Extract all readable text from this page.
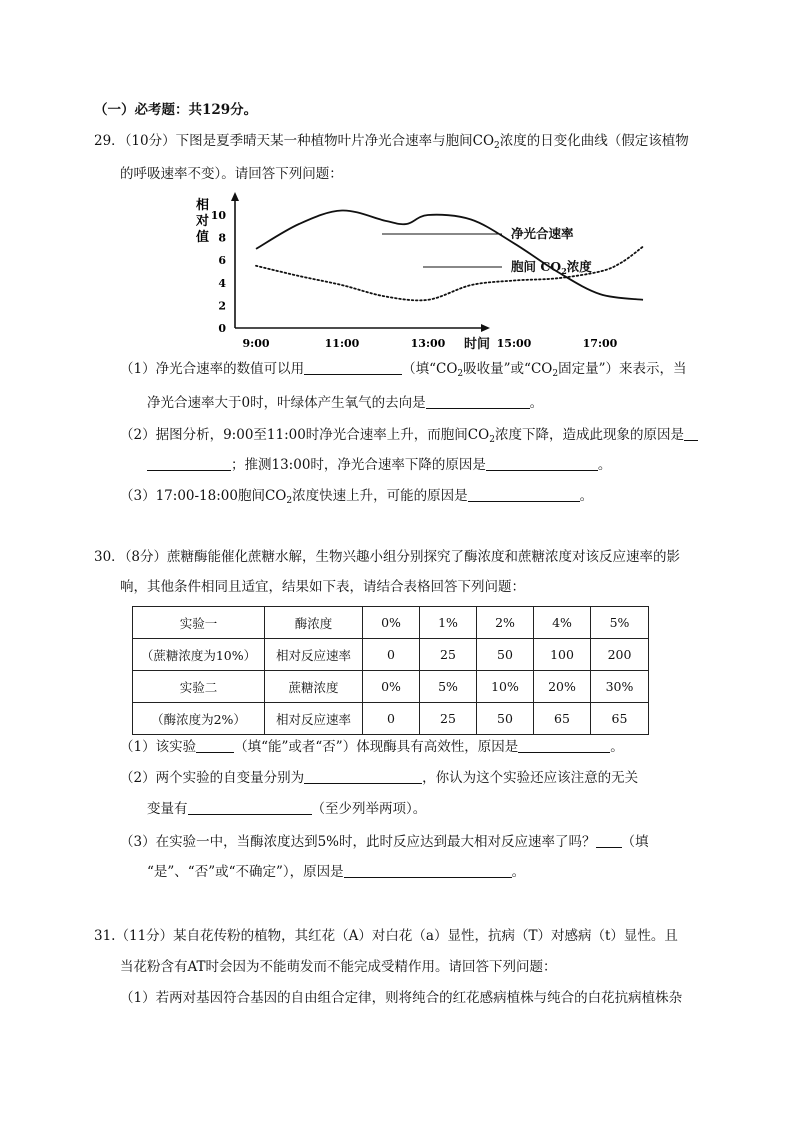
（一）必考题：共129分。
29．（10分）下图是夏季晴天某一种植物叶片净光合速率与胞间$CO_2$浓度的日变化曲线（假定该植物
的呼吸速率不变）。请回答下列问题：
相
对
值
时间
0
2
4
6
8
10
9:00	11:00	13:00	15:00	17:00
净光合速率
胞间 $CO_2$浓度
（1）净光合速率的数值可以用	（填“$CO_2$吸收量”或“$CO_2$固定量”）来表示，当
净光合速率大于0时，叶绿体产生氧气的去向是	。
（2）据图分析，9:00至11:00时净光合速率上升，而胞间$CO_2$浓度下降，造成此现象的原因是
；推测13:00时，净光合速率下降的原因是	。
（3）17:00-18:00胞间$CO_2$浓度快速上升，可能的原因是	。
30．（8分）蔗糖酶能催化蔗糖水解，生物兴趣小组分别探究了酶浓度和蔗糖浓度对该反应速率的影
响，其他条件相同且适宜，结果如下表，请结合表格回答下列问题：
实验一	酶浓度	0%	1%	2%	4%	5%
（蔗糖浓度为10%）	相对反应速率	0	25	50	100	200
实验二	蔗糖浓度	0%	5%	10%	20%	30%
（酶浓度为2%）	相对反应速率	0	25	50	65	65
（1）该实验	（填“能”或者“否”）体现酶具有高效性，原因是	。
（2）两个实验的自变量分别为	，你认为这个实验还应该注意的无关
变量有	（至少列举两项）。
（3）在实验一中，当酶浓度达到5%时，此时反应达到最大相对反应速率了吗？ （填
“是”、“否”或“不确定”），原因是	。
31.（11分）某自花传粉的植物，其红花（A）对白花（a）显性，抗病（T）对感病（t）显性。且
当花粉含有AT时会因为不能萌发而不能完成受精作用。请回答下列问题：
（1）若两对基因符合基因的自由组合定律，则将纯合的红花感病植株与纯合的白花抗病植株杂
